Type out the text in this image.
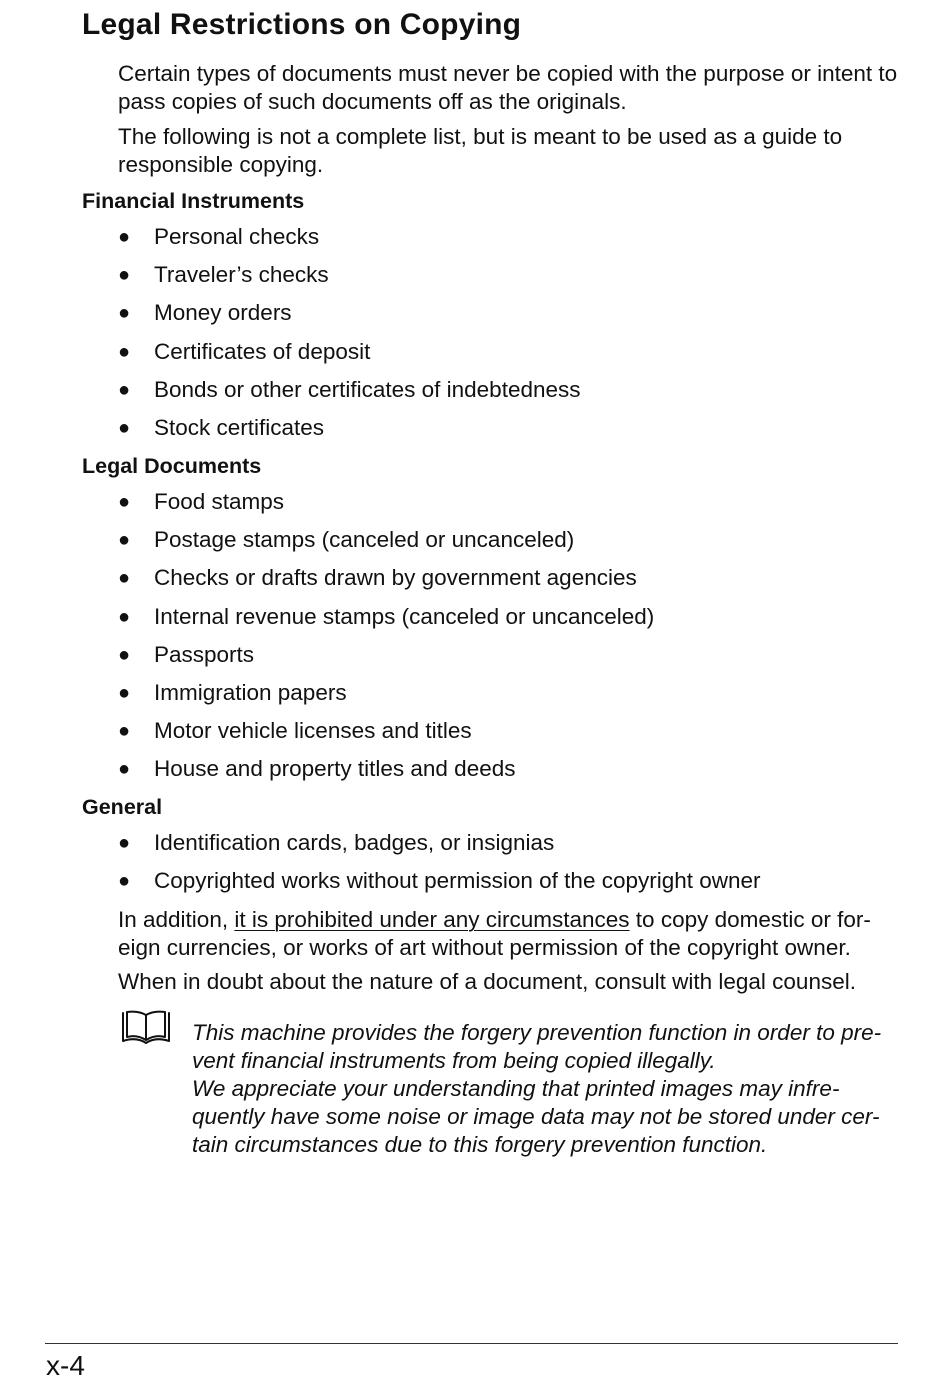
Legal Restrictions on Copying

Certain types of documents must never be copied with the purpose or intent to pass copies of such documents off as the originals.

The following is not a complete list, but is meant to be used as a guide to responsible copying.

Financial Instruments
● Personal checks
● Traveler’s checks
● Money orders
● Certificates of deposit
● Bonds or other certificates of indebtedness
● Stock certificates
Legal Documents
● Food stamps
● Postage stamps (canceled or uncanceled)
● Checks or drafts drawn by government agencies
● Internal revenue stamps (canceled or uncanceled)
● Passports
● Immigration papers
● Motor vehicle licenses and titles
● House and property titles and deeds
General
● Identification cards, badges, or insignias
● Copyrighted works without permission of the copyright owner

In addition, it is prohibited under any circumstances to copy domestic or for-eign currencies, or works of art without permission of the copyright owner.

When in doubt about the nature of a document, consult with legal counsel.

This machine provides the forgery prevention function in order to pre-vent financial instruments from being copied illegally.
We appreciate your understanding that printed images may infre-quently have some noise or image data may not be stored under cer-tain circumstances due to this forgery prevention function.

x-4
